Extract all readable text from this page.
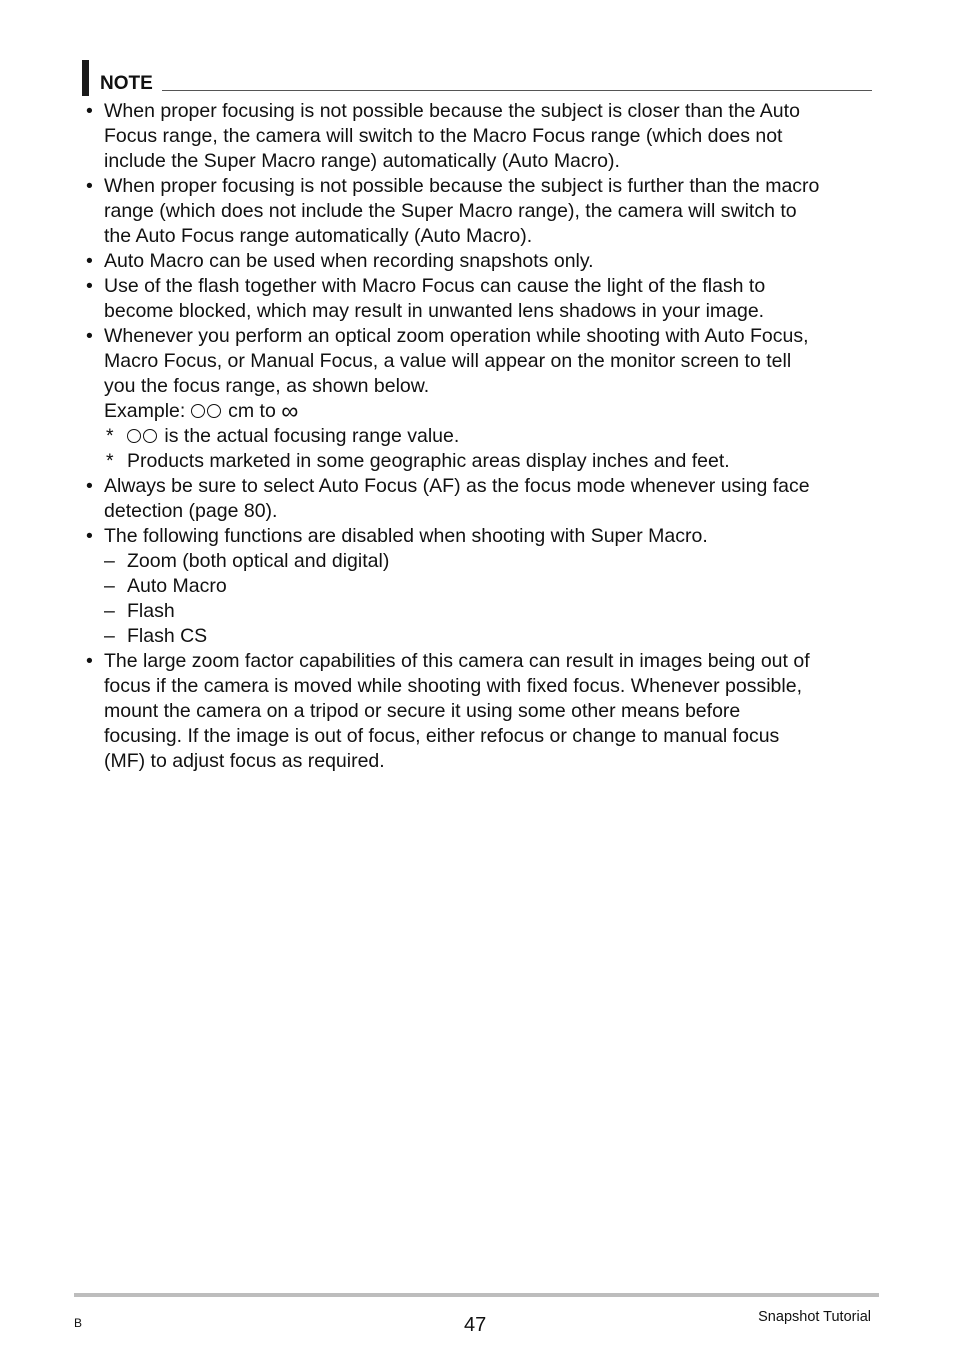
NOTE
• When proper focusing is not possible because the subject is closer than the Auto
Focus range, the camera will switch to the Macro Focus range (which does not
include the Super Macro range) automatically (Auto Macro).
• When proper focusing is not possible because the subject is further than the macro
range (which does not include the Super Macro range), the camera will switch to
the Auto Focus range automatically (Auto Macro).
• Auto Macro can be used when recording snapshots only.
• Use of the flash together with Macro Focus can cause the light of the flash to
become blocked, which may result in unwanted lens shadows in your image.
• Whenever you perform an optical zoom operation while shooting with Auto Focus,
Macro Focus, or Manual Focus, a value will appear on the monitor screen to tell
you the focus range, as shown below.
Example: cm to ∞
*	is the actual focusing range value.
* Products marketed in some geographic areas display inches and feet.
• Always be sure to select Auto Focus (AF) as the focus mode whenever using face
detection (page 80).
• The following functions are disabled when shooting with Super Macro.
– Zoom (both optical and digital)
– Auto Macro
– Flash
– Flash CS
• The large zoom factor capabilities of this camera can result in images being out of
focus if the camera is moved while shooting with fixed focus. Whenever possible,
mount the camera on a tripod or secure it using some other means before
focusing. If the image is out of focus, either refocus or change to manual focus
(MF) to adjust focus as required.
B	47	Snapshot Tutorial
